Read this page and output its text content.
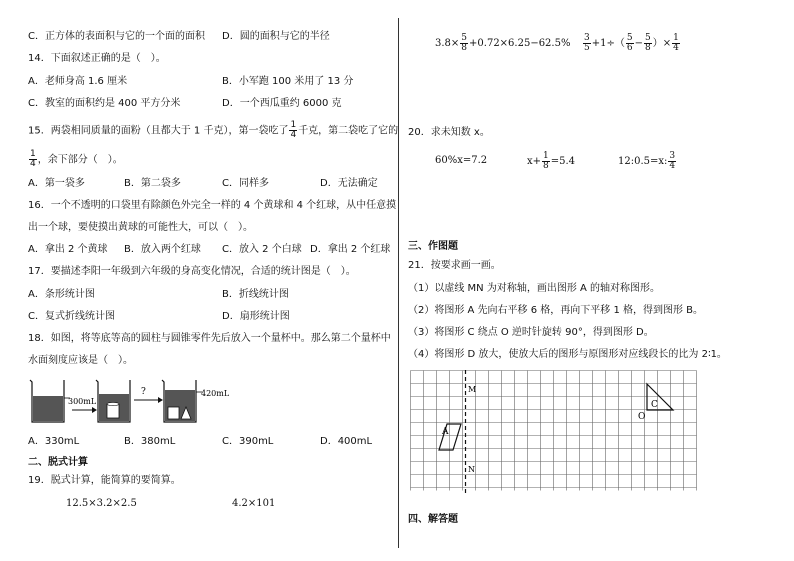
C．正方体的表面积与它的一个面的面积 D．圆的面积与它的半径
14．下面叙述正确的是（　）。
A．老师身高 1.6 厘米	B．小军跑 100 米用了 13 分
C．教室的面积约是 400 平方分米	D．一个西瓜重约 6000 克
15．两袋相同质量的面粉（且都大于 1 千克），第一袋吃了 $\frac{1}{4}$ 千克，第二袋吃了它的
$\frac{1}{4}$ ，余下部分（　）。
A．第一袋多	B．第二袋多	C．同样多	D．无法确定
16．一个不透明的口袋里有除颜色外完全一样的 4 个黄球和 4 个红球，从中任意摸
出一个球，要使摸出黄球的可能性大，可以（　）。
A．拿出 2 个黄球 B．放入两个红球 C．放入 2 个白球 D．拿出 2 个红球
17．要描述李阳一年级到六年级的身高变化情况，合适的统计图是（　）。
A．条形统计图	B．折线统计图
C．复式折线统计图	D．扇形统计图
18．如图，将等底等高的圆柱与圆锥零件先后放入一个量杯中。那么第二个量杯中
水面刻度应该是（　）。
300mL
?	420mL
A．330mL	B．380mL	C．390mL	D．400mL
二、脱式计算
19．脱式计算，能简算的要简算。
12.5×3.2×2.5	4.2×101
$3.8\times \frac{5}{8} +0.72\times 6.25-62.5\% \frac{3}{5} +1\div( \frac{5}{6} - \frac{5}{8}$ ）× $\frac{1}{4}$
20．求未知数 x。
60%x=7.2	$x+ \frac{1}{8} =5.4$	12:0.5=x: $\frac{3}{4}$
三、作图题
21．按要求画一画。
（1）以虚线 MN 为对称轴，画出图形 A 的轴对称图形。
（2）将图形 A 先向右平移 6 格，再向下平移 1 格，得到图形 B。
（3）将图形 C 绕点 O 逆时针旋转 90°，得到图形 D。
（4）将图形 D 放大，使放大后的图形与原图形对应线段长的比为 2∶1。
M
N
A
C
O
四、解答题
